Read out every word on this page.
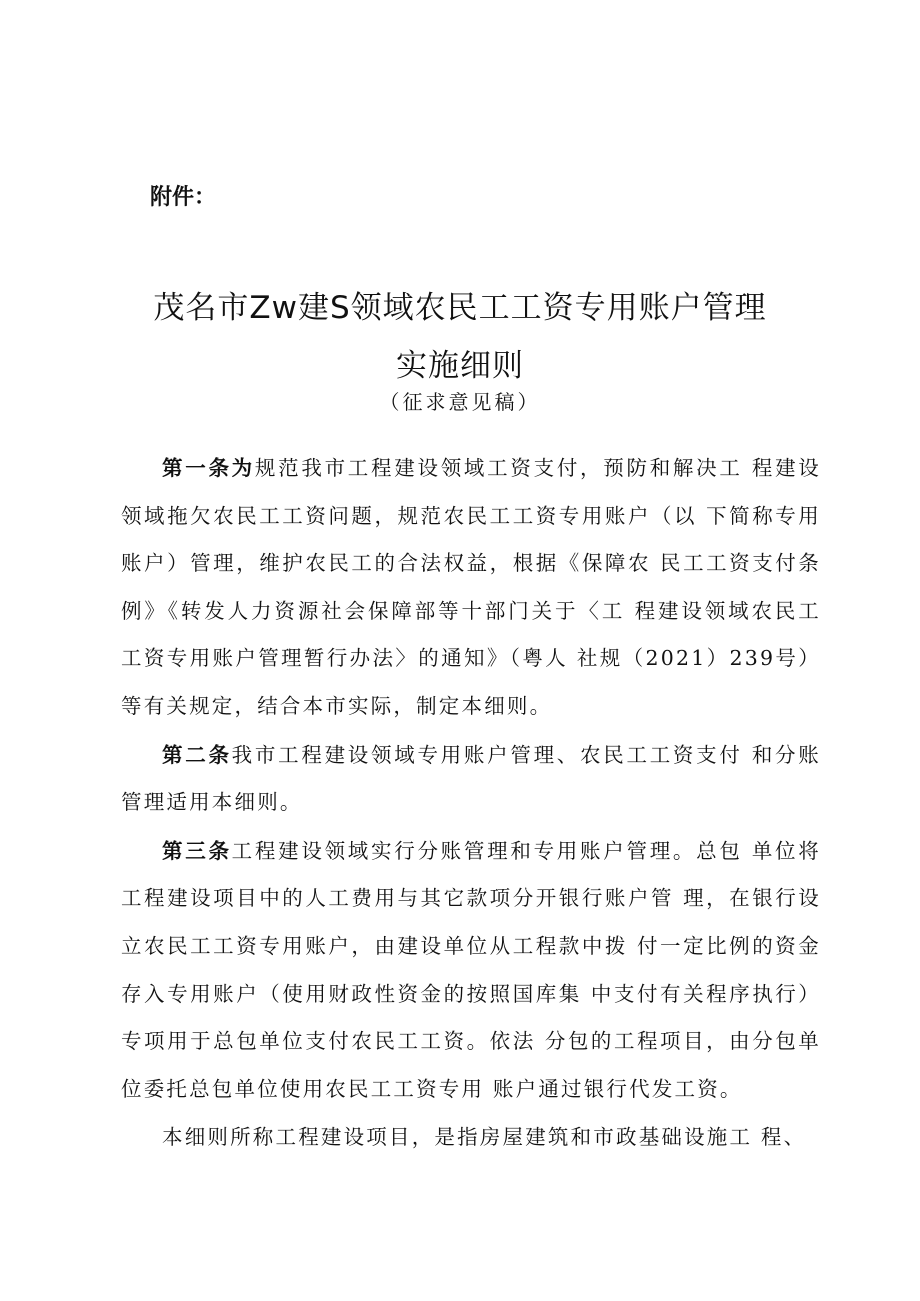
附件：

茂名市Zw建S领域农民工工资专用账户管理
实施细则

（征求意见稿）

第一条为规范我市工程建设领域工资支付，预防和解决工 程建设领域拖欠农民工工资问题，规范农民工工资专用账户（以 下简称专用账户）管理，维护农民工的合法权益，根据《保障农 民工工资支付条例》《转发人力资源社会保障部等十部门关于〈工 程建设领域农民工工资专用账户管理暂行办法〉的通知》（粤人 社规（2021）239号）等有关规定，结合本市实际，制定本细则。

第二条我市工程建设领域专用账户管理、农民工工资支付 和分账管理适用本细则。

第三条工程建设领域实行分账管理和专用账户管理。总包 单位将工程建设项目中的人工费用与其它款项分开银行账户管 理，在银行设立农民工工资专用账户，由建设单位从工程款中拨 付一定比例的资金存入专用账户（使用财政性资金的按照国库集 中支付有关程序执行）专项用于总包单位支付农民工工资。依法 分包的工程项目，由分包单位委托总包单位使用农民工工资专用 账户通过银行代发工资。

本细则所称工程建设项目，是指房屋建筑和市政基础设施工 程、
